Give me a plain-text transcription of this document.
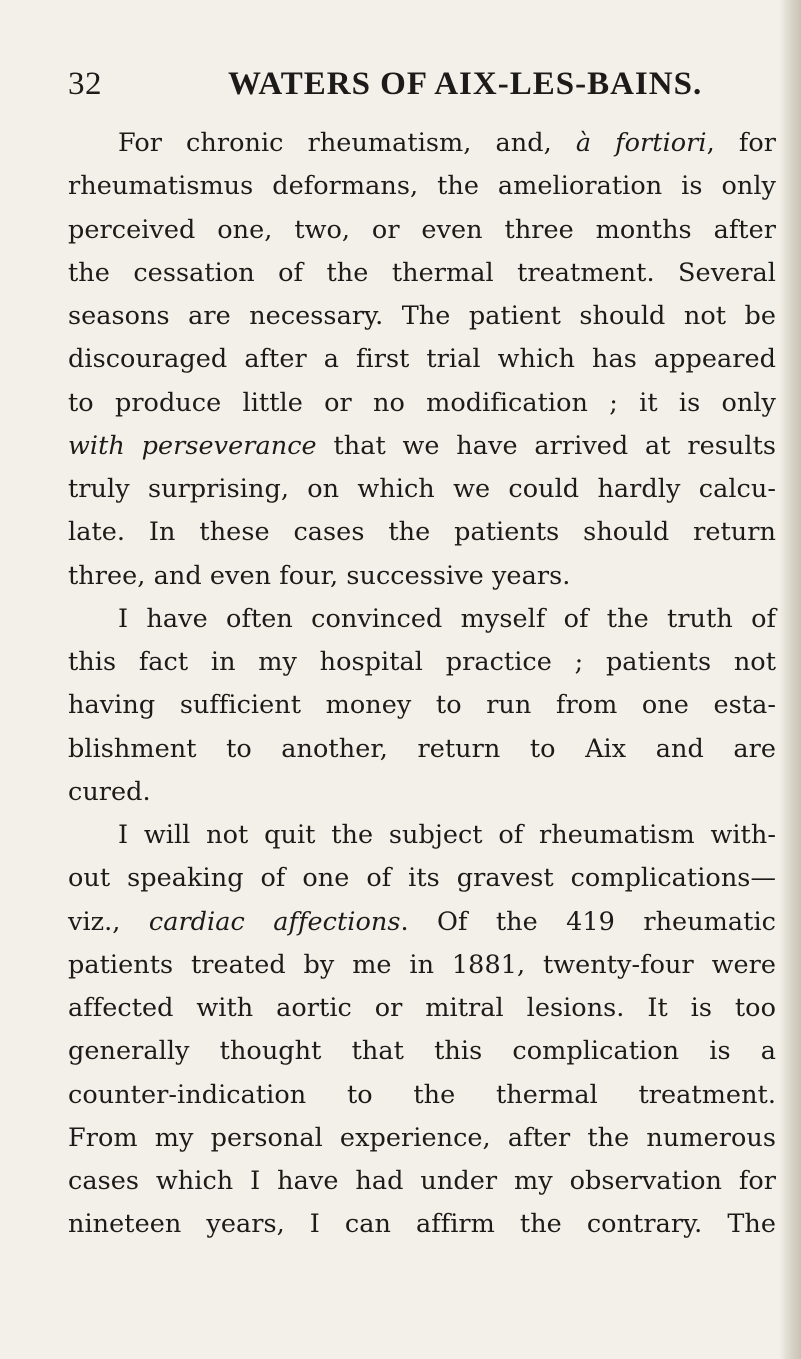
32	WATERS OF AIX-LES-BAINS.
For chronic rheumatism, and, à fortiori, for
rheumatismus deformans, the amelioration is only
perceived one, two, or even three months after
the cessation of the thermal treatment. Several
seasons are necessary. The patient should not be
discouraged after a first trial which has appeared
to produce little or no modification ; it is only
with perseverance that we have arrived at results
truly surprising, on which we could hardly calcu-
late. In these cases the patients should return
three, and even four, successive years.
I have often convinced myself of the truth of
this fact in my hospital practice ; patients not
having sufficient money to run from one esta-
blishment to another, return to Aix and are
cured.
I will not quit the subject of rheumatism with-
out speaking of one of its gravest complications—
viz., cardiac affections. Of the 419 rheumatic
patients treated by me in 1881, twenty-four were
affected with aortic or mitral lesions. It is too
generally thought that this complication is a
counter-indication to the thermal treatment.
From my personal experience, after the numerous
cases which I have had under my observation for
nineteen years, I can affirm the contrary. The
